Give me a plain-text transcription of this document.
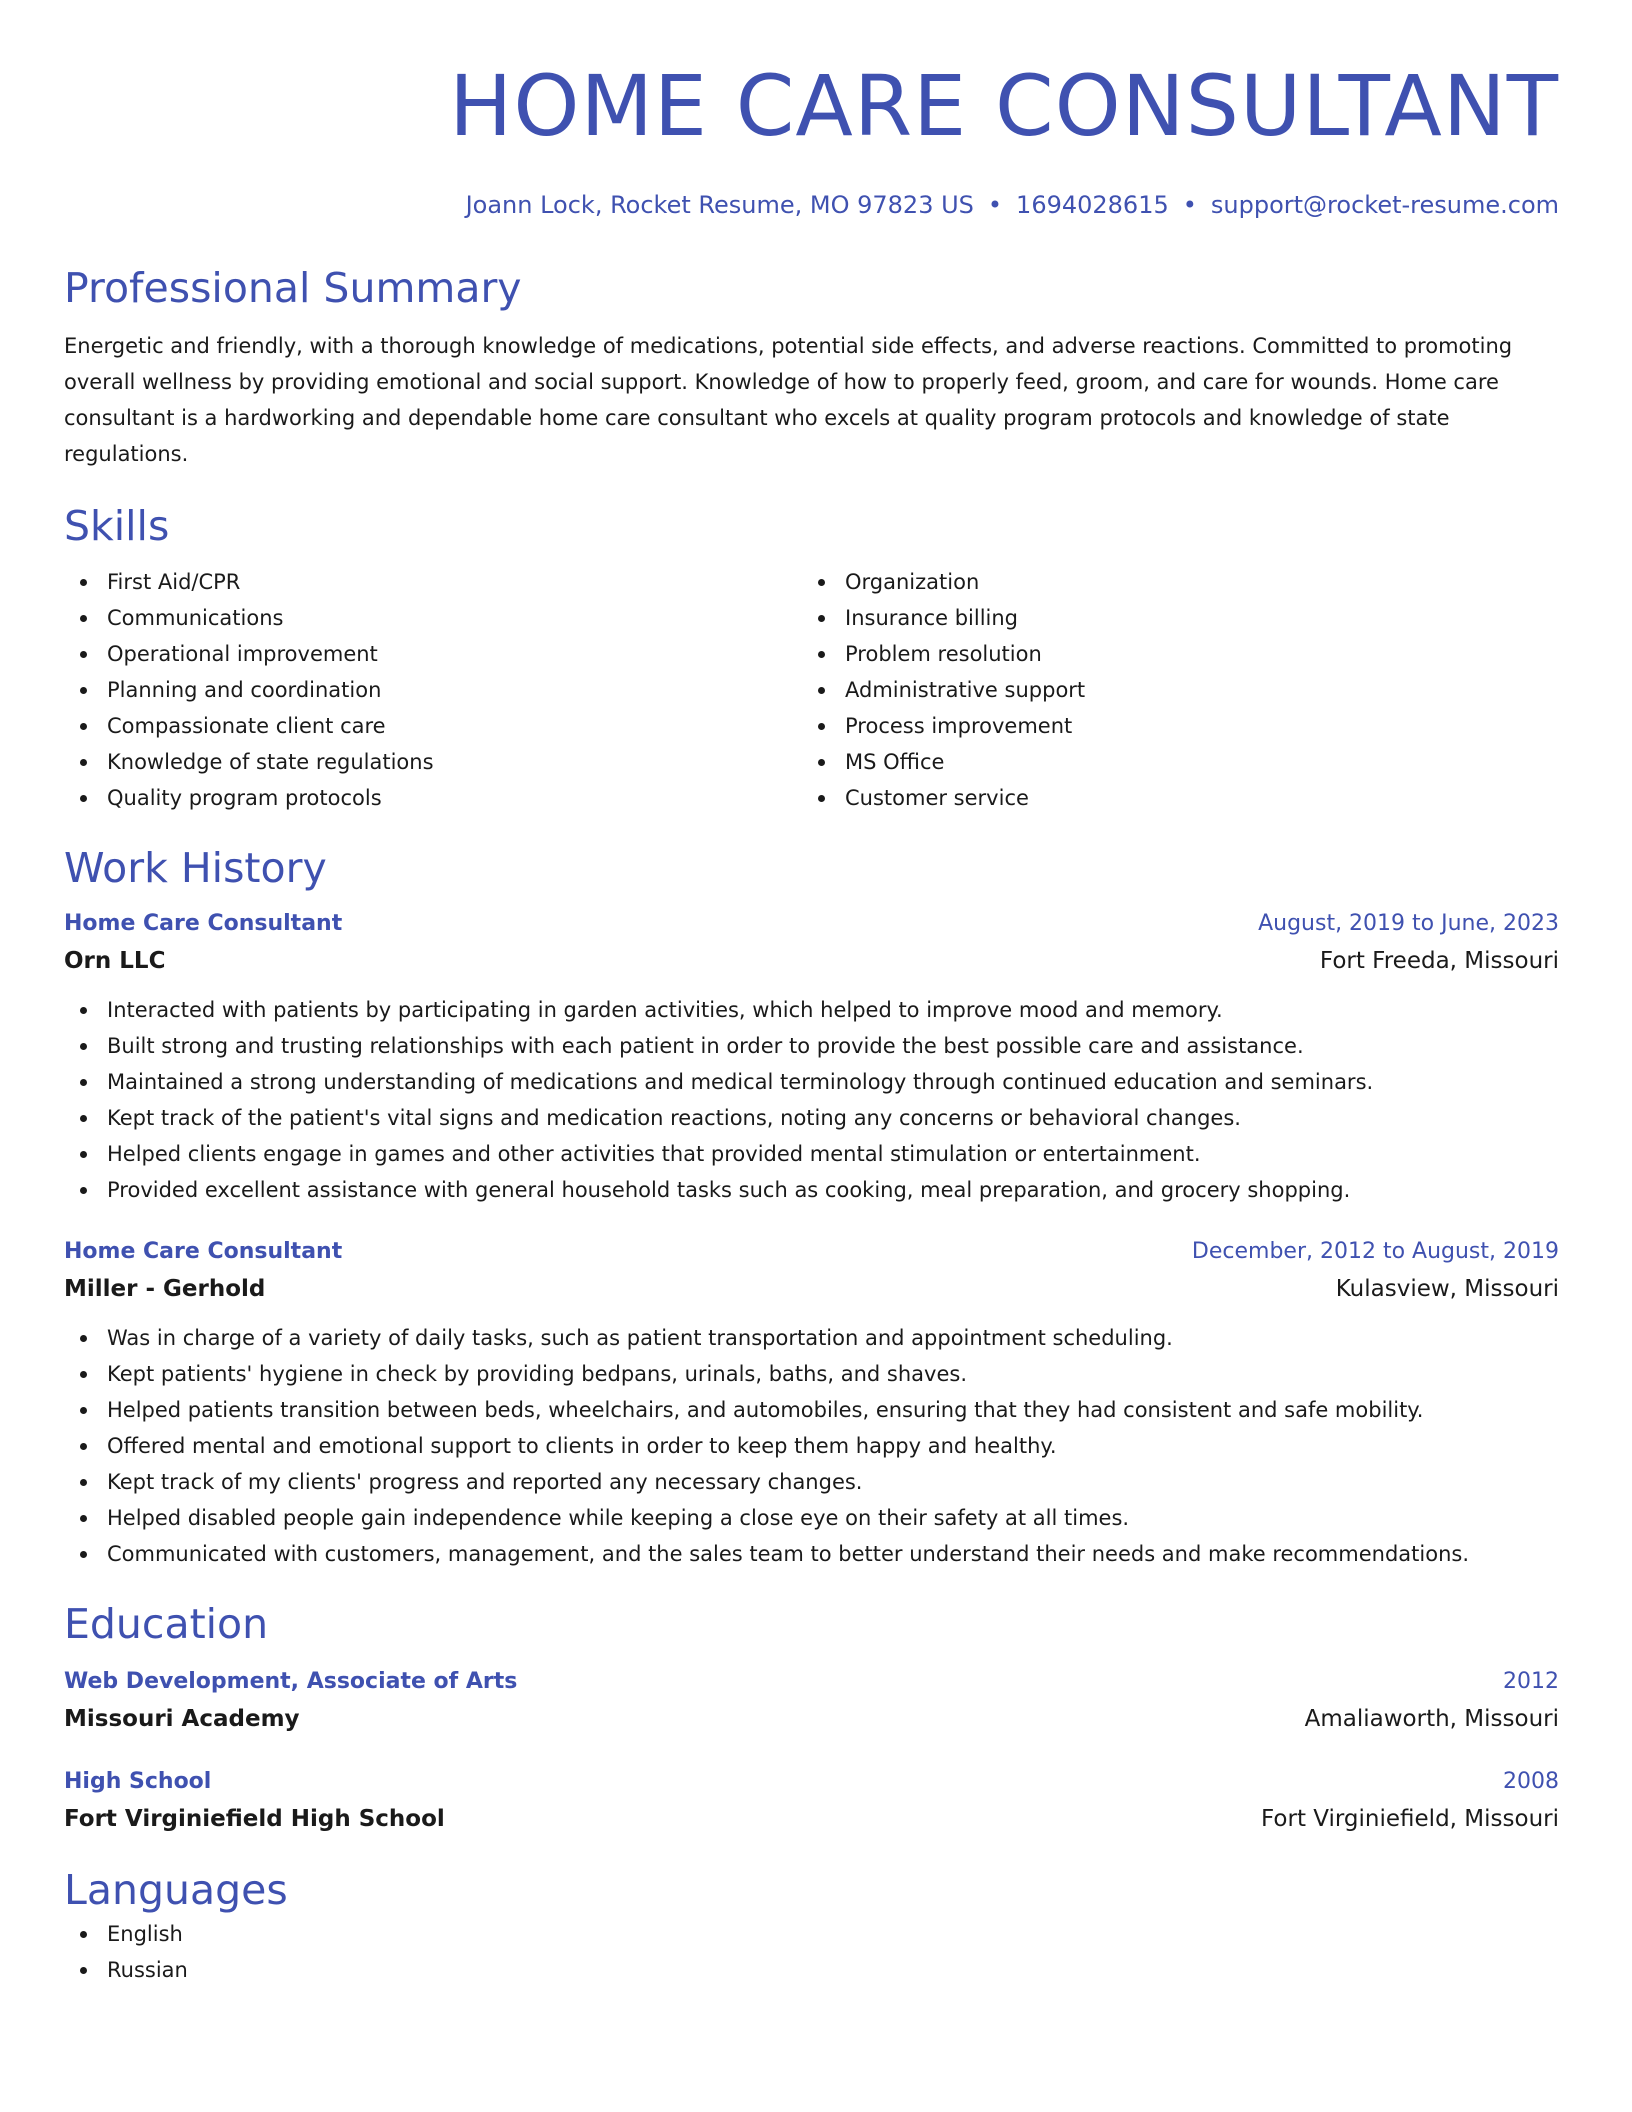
HOME CARE CONSULTANT
Joann Lock, Rocket Resume, MO 97823 US • 1694028615 • support@rocket-resume.com
Professional Summary
Energetic and friendly, with a thorough knowledge of medications, potential side effects, and adverse reactions. Committed to promoting overall wellness by providing emotional and social support. Knowledge of how to properly feed, groom, and care for wounds. Home care consultant is a hardworking and dependable home care consultant who excels at quality program protocols and knowledge of state regulations.
Skills
First Aid/CPR
Communications
Operational improvement
Planning and coordination
Compassionate client care
Knowledge of state regulations
Quality program protocols
Organization
Insurance billing
Problem resolution
Administrative support
Process improvement
MS Office
Customer service
Work History
Home Care Consultant	August, 2019 to June, 2023
Orn LLC	Fort Freeda, Missouri
Interacted with patients by participating in garden activities, which helped to improve mood and memory.
Built strong and trusting relationships with each patient in order to provide the best possible care and assistance.
Maintained a strong understanding of medications and medical terminology through continued education and seminars.
Kept track of the patient's vital signs and medication reactions, noting any concerns or behavioral changes.
Helped clients engage in games and other activities that provided mental stimulation or entertainment.
Provided excellent assistance with general household tasks such as cooking, meal preparation, and grocery shopping.
Home Care Consultant	December, 2012 to August, 2019
Miller - Gerhold	Kulasview, Missouri
Was in charge of a variety of daily tasks, such as patient transportation and appointment scheduling.
Kept patients' hygiene in check by providing bedpans, urinals, baths, and shaves.
Helped patients transition between beds, wheelchairs, and automobiles, ensuring that they had consistent and safe mobility.
Offered mental and emotional support to clients in order to keep them happy and healthy.
Kept track of my clients' progress and reported any necessary changes.
Helped disabled people gain independence while keeping a close eye on their safety at all times.
Communicated with customers, management, and the sales team to better understand their needs and make recommendations.
Education
Web Development, Associate of Arts	2012
Missouri Academy	Amaliaworth, Missouri
High School	2008
Fort Virginiefield High School	Fort Virginiefield, Missouri
Languages
English
Russian
